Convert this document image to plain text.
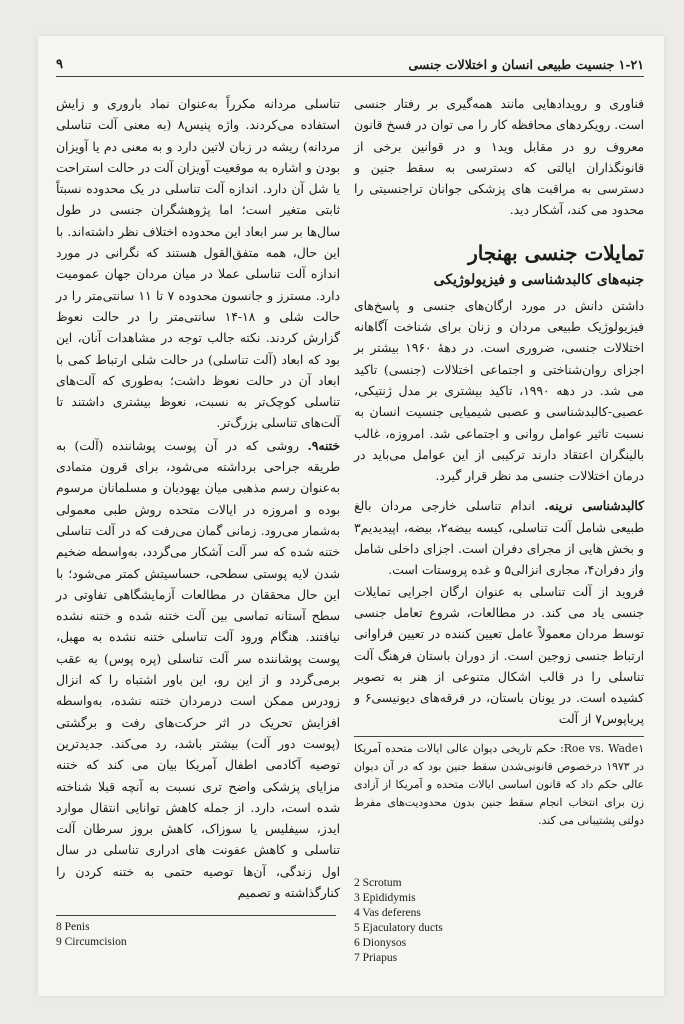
۹	۱-۲۱ جنسیت طبیعی انسان و اختلالات جنسی

فناوری و رویدادهایی مانند همه‌گیری بر رفتار جنسی است. رویکردهای محافظه کار را می توان در فسخ قانون معروف رو در مقابل وید۱ و در قوانین برخی از قانونگذاران ایالتی که دسترسی به سقط جنین و دسترسی به مراقبت های پزشکی جوانان تراجنسیتی را محدود می کند، آشکار دید.

تمایلات جنسی بهنجار

جنبه‌های کالبدشناسی و فیزیولوژیکی

داشتن دانش در مورد ارگان‌های جنسی و پاسخ‌های فیزیولوژیک طبیعی مردان و زنان برای شناخت آگاهانه اختلالات جنسی، ضروری است. در دههٔ ۱۹۶۰ بیشتر بر اجزای روان‌شناختی و اجتماعی اختلالات (جنسی) تاکید می شد. در دهه ۱۹۹۰، تاکید بیشتری بر مدل ژنتیکی، عصبی-کالبدشناسی و عصبی شیمیایی جنسیت انسان به نسبت تاثیر عوامل روانی و اجتماعی شد. امروزه، غالب بالینگران اعتقاد دارند ترکیبی از این عوامل می‌باید در درمان اختلالات جنسی مد نظر قرار گیرد.

کالبدشناسی نرینه. اندام تناسلی خارجی مردان بالغ طبیعی شامل آلت تناسلی، کیسه بیضه۲، بیضه، اپیدیدیم۳ و بخش هایی از مجرای دفران است. اجزای داخلی شامل واز دفران۴، مجاری انزالی۵ و غده پروستات است.

فروید از آلت تناسلی به عنوان ارگان اجرایی تمایلات جنسی یاد می کند. در مطالعات، شروع تعامل جنسی توسط مردان معمولاً عامل تعیین کننده در تعیین فراوانی ارتباط جنسی زوجین است. از دوران باستان فرهنگ آلت تناسلی را در قالب اشکال متنوعی از هنر به تصویر کشیده است. در یونان باستان، در فرقه‌های دیونیسی۶ و پریاپوس۷ از آلت

تناسلی مردانه مکرراً به‌عنوان نماد باروری و زایش استفاده می‌کردند. واژه پنیس۸ (به معنی آلت تناسلی مردانه) ریشه در زبان لاتین دارد و به معنی دم یا آویزان بودن و اشاره به موقعیت آویزان آلت در حالت استراحت یا شل آن دارد. اندازه آلت تناسلی در یک محدوده نسبتاً ثابتی متغیر است؛ اما پژوهشگران جنسی در طول سال‌ها بر سر ابعاد این محدوده اختلاف نظر داشته‌اند. با این حال، همه متفق‌القول هستند که نگرانی در مورد اندازه آلت تناسلی عملا در میان مردان جهان عمومیت دارد. مسترز و جانسون محدوده ۷ تا ۱۱ سانتی‌متر را در حالت شلی و ۱۸-۱۴ سانتی‌متر را در حالت نعوظ گزارش کردند. نکته جالب توجه در مشاهدات آنان، این بود که ابعاد (آلت تناسلی) در حالت شلی ارتباط کمی با ابعاد آن در حالت نعوظ داشت؛ به‌طوری که آلت‌های تناسلی کوچک‌تر به نسبت، نعوظ بیشتری داشتند تا آلت‌های تناسلی بزرگ‌تر.

ختنه۹. روشی که در آن پوست پوشاننده (آلت) به طریقه جراحی برداشته می‌شود، برای قرون متمادی به‌عنوان رسم مذهبی میان یهودیان و مسلمانان مرسوم بوده و امروزه در ایالات متحده روش طبی معمولی به‌شمار می‌رود. زمانی گمان می‌رفت که در آلت تناسلی ختنه شده که سر آلت آشکار می‌گردد، به‌واسطه ضخیم شدن لایه پوستی سطحی، حساسیتش کمتر می‌شود؛ با این حال محققان در مطالعات آزمایشگاهی تفاوتی در سطح آستانه تماسی بین آلت ختنه شده و ختنه نشده نیافتند. هنگام ورود آلت تناسلی ختنه نشده به مهبل، پوست پوشاننده سر آلت تناسلی (پره پوس) به عقب برمی‌گردد و از این رو، این باور اشتباه را که انزال زودرس ممکن است درمردان ختنه نشده، به‌واسطه افزایش تحریک در اثر حرکت‌های رفت و برگشتی (پوست دور آلت) بیشتر باشد، رد می‌کند. جدیدترین توصیه آکادمی اطفال آمریکا بیان می کند که ختنه مزایای پزشکی واضح تری نسبت به آنچه قبلا شناخته شده است، دارد. از جمله کاهش توانایی انتقال موارد ایدز، سیفلیس یا سوزاک، کاهش بروز سرطان آلت تناسلی و کاهش عفونت های ادراری تناسلی در سال اول زندگی، آن‌ها توصیه حتمی به ختنه کردن را کنارگذاشته و تصمیم

Roe vs. Wade۱: حکم تاریخی دیوان عالی ایالات متحده آمریکا در ۱۹۷۳ درخصوص قانونی‌شدن سقط جنین بود که در آن دیوان عالی حکم داد که قانون اساسی ایالات متحده و آمریکا از آزادی زن برای انتخاب انجام سقط جنین بدون محدودیت‌های مفرط دولتی پشتیبانی می کند.
2 Scrotum
3 Epididymis
4 Vas deferens
5 Ejaculatory ducts
6 Dionysos
7 Priapus
8 Penis
9 Circumcision
